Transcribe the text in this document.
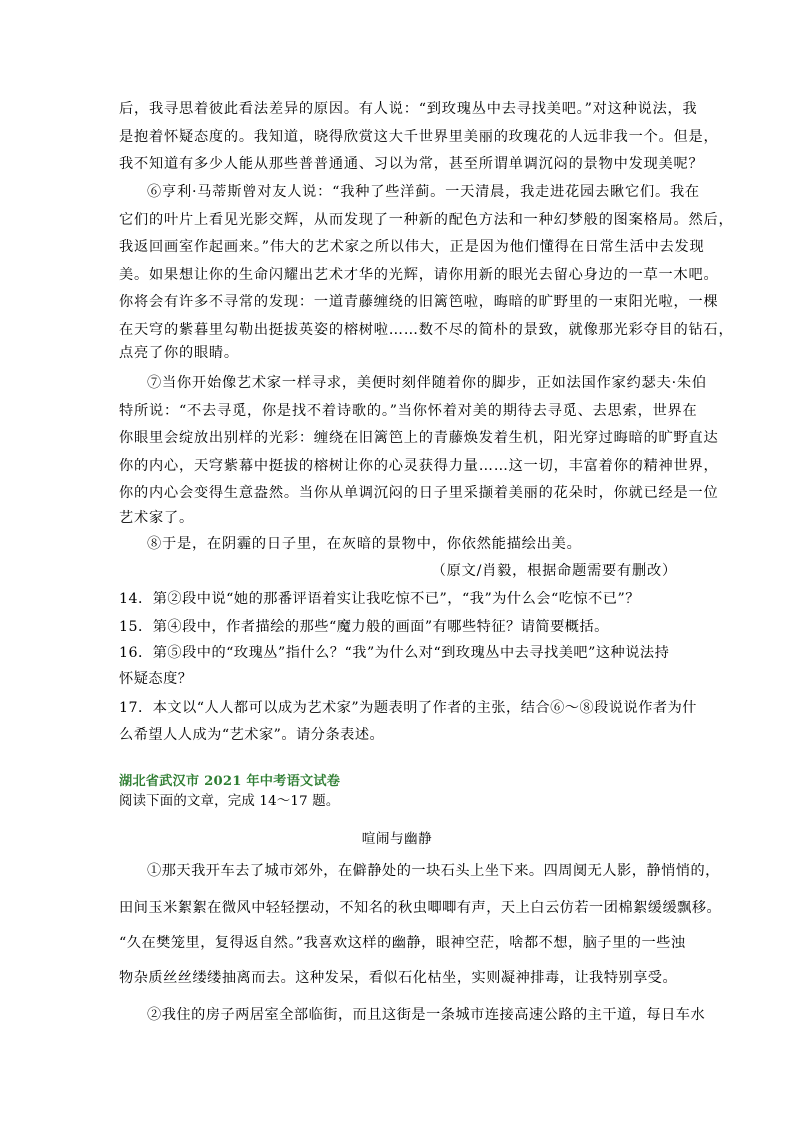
后，我寻思着彼此看法差异的原因。有人说：“到玫瑰丛中去寻找美吧。”对这种说法，我
是抱着怀疑态度的。我知道，晓得欣赏这大千世界里美丽的玫瑰花的人远非我一个。但是，
我不知道有多少人能从那些普普通通、习以为常，甚至所谓单调沉闷的景物中发现美呢？
⑥亨利·马蒂斯曾对友人说：“我种了些洋蓟。一天清晨，我走进花园去瞅它们。我在
它们的叶片上看见光影交辉，从而发现了一种新的配色方法和一种幻梦般的图案格局。然后，
我返回画室作起画来。”伟大的艺术家之所以伟大，正是因为他们懂得在日常生活中去发现
美。如果想让你的生命闪耀出艺术才华的光辉，请你用新的眼光去留心身边的一草一木吧。
你将会有许多不寻常的发现：一道青藤缠绕的旧篱笆啦，晦暗的旷野里的一束阳光啦，一棵
在天穹的紫暮里勾勒出挺拔英姿的榕树啦……数不尽的简朴的景致，就像那光彩夺目的钻石，
点亮了你的眼睛。
⑦当你开始像艺术家一样寻求，美便时刻伴随着你的脚步，正如法国作家约瑟夫·朱伯
特所说：“不去寻觅，你是找不着诗歌的。”当你怀着对美的期待去寻觅、去思索，世界在
你眼里会绽放出别样的光彩：缠绕在旧篱笆上的青藤焕发着生机，阳光穿过晦暗的旷野直达
你的内心，天穹紫幕中挺拔的榕树让你的心灵获得力量……这一切，丰富着你的精神世界，
你的内心会变得生意盎然。当你从单调沉闷的日子里采撷着美丽的花朵时，你就已经是一位
艺术家了。
⑧于是，在阴霾的日子里，在灰暗的景物中，你依然能描绘出美。
（原文/肖毅，根据命题需要有删改）
14．第②段中说“她的那番评语着实让我吃惊不已”，“我”为什么会“吃惊不已”？
15．第④段中，作者描绘的那些“魔力般的画面”有哪些特征？请简要概括。
16．第⑤段中的“玫瑰丛”指什么？“我”为什么对“到玫瑰丛中去寻找美吧”这种说法持
怀疑态度？
17．本文以“人人都可以成为艺术家”为题表明了作者的主张，结合⑥～⑧段说说作者为什
么希望人人成为“艺术家”。请分条表述。
湖北省武汉市 2021 年中考语文试卷
阅读下面的文章，完成 14～17 题。
喧闹与幽静
①那天我开车去了城市郊外，在僻静处的一块石头上坐下来。四周阒无人影，静悄悄的，
田间玉米絮絮在微风中轻轻摆动，不知名的秋虫唧唧有声，天上白云仿若一团棉絮缓缓飘移。
“久在樊笼里，复得返自然。”我喜欢这样的幽静，眼神空茫，啥都不想，脑子里的一些浊
物杂质丝丝缕缕抽离而去。这种发呆，看似石化枯坐，实则凝神排毒，让我特别享受。
②我住的房子两居室全部临街，而且这街是一条城市连接高速公路的主干道，每日车水
